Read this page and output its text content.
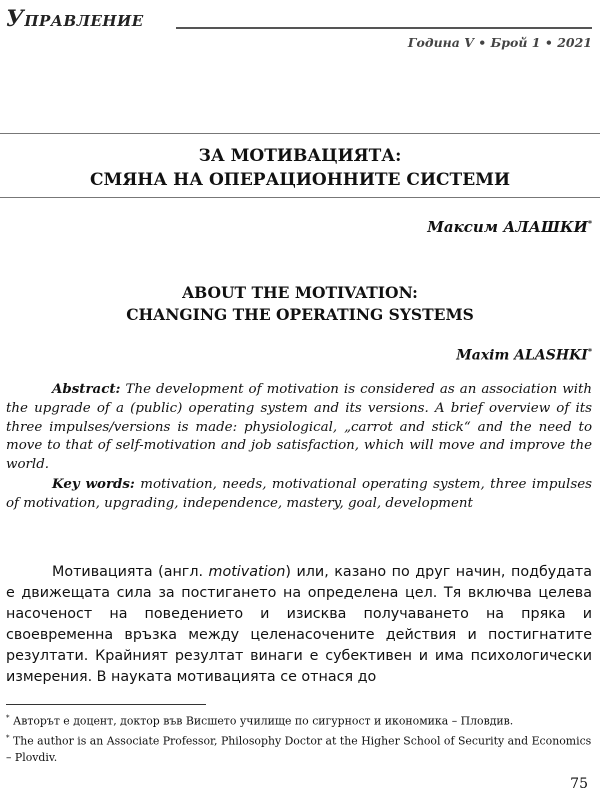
Управление
Година V • Брой 1 • 2021
ЗА МОТИВАЦИЯТА:
СМЯНА НА ОПЕРАЦИОННИТЕ СИСТЕМИ
Максим АЛАШКИ*
ABOUT THE MOTIVATION:
CHANGING THE OPERATING SYSTEMS
Maxim ALASHKI*

Abstract: The development of motivation is considered as an association with the upgrade of a (public) operating system and its versions. A brief overview of its three impulses/versions is made: physiological, „carrot and stick“ and the need to move to that of self-motivation and job satisfaction, which will move and improve the world.

Key words: motivation, needs, motivational operating system, three impulses of motivation, upgrading, independence, mastery, goal, development

Мотивацията (англ. motivation) или, казано по друг начин, подбудата е движещата сила за постигането на определена цел. Тя включва целева насоченост на поведението и изисква получаването на пряка и своевременна връзка между целенасочените действия и постигнатите резултати. Крайният резултат винаги е субективен и има психологически измерения. В науката мотивацията се отнася до

* Авторът е доцент, доктор във Висшето училище по сигурност и икономика – Пловдив.

* The author is an Associate Professor, Philosophy Doctor at the Higher School of Security and Economics – Plovdiv.

75
